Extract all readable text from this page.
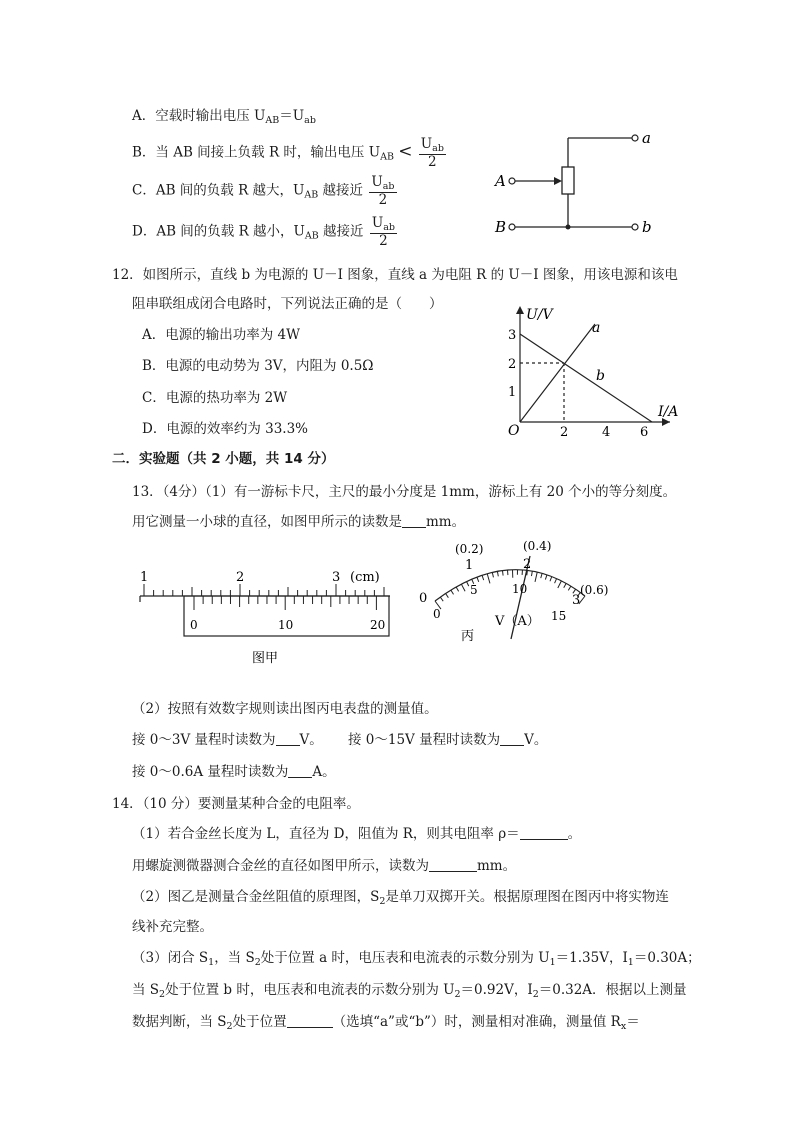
A．空载时输出电压 $U_{AB}=U_{ab}$
B．当 AB 间接上负载 R 时，输出电压 $U_{AB} < \frac{U_{ab}}{2}$
C．AB 间的负载 R 越大，$U_{AB}$ 越接近 $\frac{U_{ab}}{2}$
D．AB 间的负载 R 越小，$U_{AB}$ 越接近 $\frac{U_{ab}}{2}$
a
A
B	b
12．如图所示，直线 b 为电源的 U－I 图象，直线 a 为电阻 R 的 U－I 图象，用该电源和该电
阻串联组成闭合电路时，下列说法正确的是（　　）
A．电源的输出功率为 4W
B．电源的电动势为 3V，内阻为 0.5Ω
C．电源的热功率为 2W
D．电源的效率约为 33.3%
U/V
I/A
O
1
2
3
2	4 6
a
b
二．实验题（共 2 小题，共 14 分）
13．（4分）（1）有一游标卡尺，主尺的最小分度是 1mm，游标上有 20 个小的等分刻度。
用它测量一小球的直径，如图甲所示的读数是 mm。
1	2	3 (cm)
0	10	20
图甲
(0.2)	(0.4)
(0.6)
0
1	2
3
0
5	10
15
V（A）
丙
（2）按照有效数字规则读出图丙电表盘的测量值。
接 0～3V 量程时读数为 V。 接 0～15V 量程时读数为 V。
接 0～0.6A 量程时读数为 A。
14．（10 分）要测量某种合金的电阻率。
（1）若合金丝长度为 L，直径为 D，阻值为 R，则其电阻率 ρ＝	。
用螺旋测微器测合金丝的直径如图甲所示，读数为	mm。
（2）图乙是测量合金丝阻值的原理图，$S_2$是单刀双掷开关。根据原理图在图丙中将实物连
线补充完整。
（3）闭合 $S_1$，当 $S_2$处于位置 a 时，电压表和电流表的示数分别为 $U_1=1.35V$，$I_1=0.30A$；
当 $S_2$处于位置 b 时，电压表和电流表的示数分别为 $U_2=0.92V$，$I_2=0.32A$．根据以上测量
数据判断，当 $S_2$处于位置	（选填“a”或“b”）时，测量相对准确，测量值 $R_x=$
